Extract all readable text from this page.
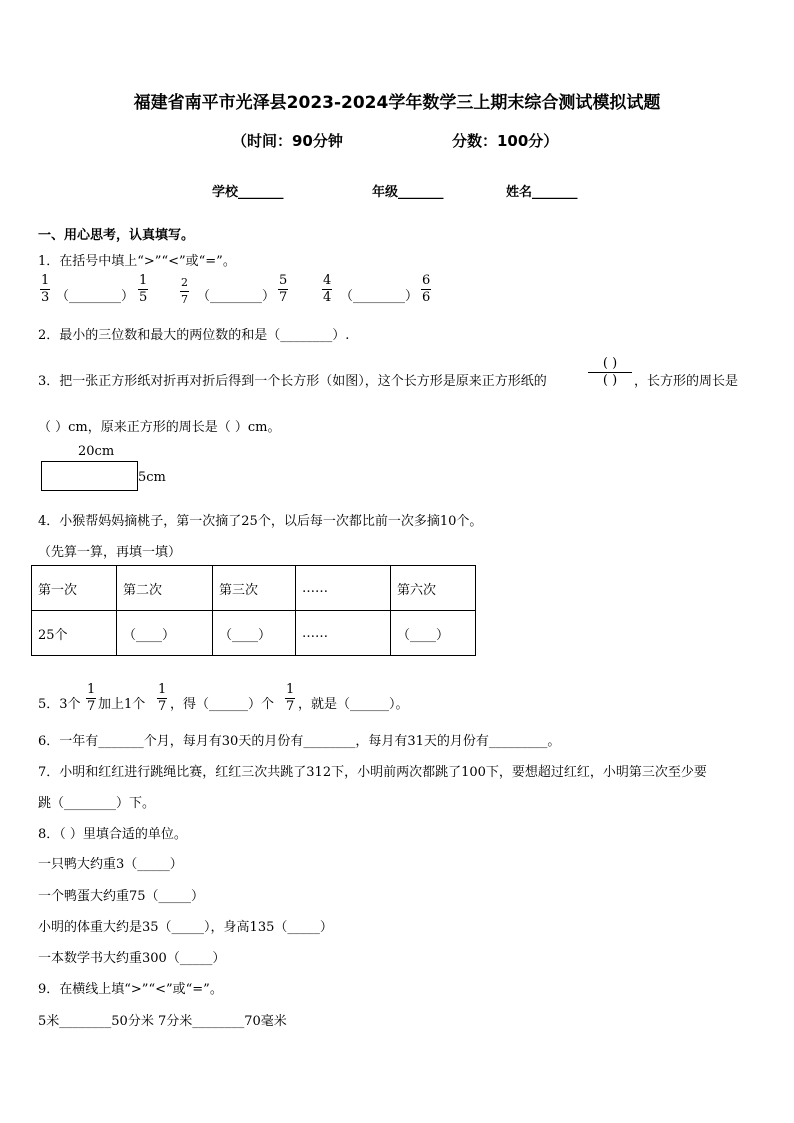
福建省南平市光泽县2023-2024学年数学三上期末综合测试模拟试题
（时间：90分钟	分数：100分）
学校_______	年级_______	姓名_______
一、用心思考，认真填写。
1．在括号中填上“>”“<”或“=”。
1
3 （________）
1
5
2
7 （________）
5
7
4
4 （________）
6
6
2．最小的三位数和最大的两位数的和是（________）.
3．把一张正方形纸对折再对折后得到一个长方形（如图），这个长方形是原来正方形纸的
( )
( ) ，长方形的周长是
（ ）cm，原来正方形的周长是（ ）cm。
20cm
5cm
4．小猴帮妈妈摘桃子，第一次摘了25个，以后每一次都比前一次多摘10个。
（先算一算，再填一填）
第一次	第二次	第三次	……	第六次
25个	（____）	（____）	……	（____）
5．3个
1
7 加上1个
1
7 ，得（______）个
1
7 ，就是（______）。
6．一年有_______个月，每月有30天的月份有________，每月有31天的月份有_________。
7．小明和红红进行跳绳比赛，红红三次共跳了312下，小明前两次都跳了100下，要想超过红红，小明第三次至少要
跳（________）下。
8．（ ）里填合适的单位。
一只鸭大约重3（_____）
一个鸭蛋大约重75（_____）
小明的体重大约是35（_____），身高135（_____）
一本数学书大约重300（_____）
9．在横线上填“>”“<”或“=”。
5米________50分米 7分米________70毫米
